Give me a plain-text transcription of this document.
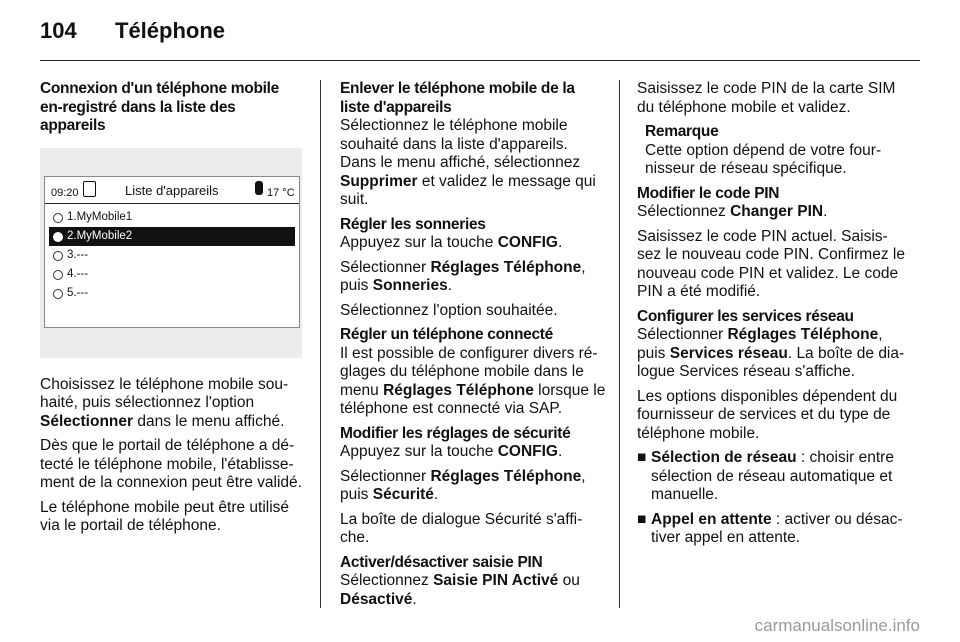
104 Téléphone
Connexion d'un téléphone mobile en-registré dans la liste des appareils
09:20	Liste d'appareils	17 °C
1.MyMobile1
2.MyMobile2
3.---
4.---
5.---

Choisissez le téléphone mobile sou-haité, puis sélectionnez l'option Sélectionner dans le menu affiché.

Dès que le portail de téléphone a dé-tecté le téléphone mobile, l'établisse-ment de la connexion peut être validé.

Le téléphone mobile peut être utilisé via le portail de téléphone.

Enlever le téléphone mobile de la liste d'appareils

Sélectionnez le téléphone mobile souhaité dans la liste d'appareils. Dans le menu affiché, sélectionnez Supprimer et validez le message qui suit.

Régler les sonneries

Appuyez sur la touche CONFIG.

Sélectionner Réglages Téléphone, puis Sonneries.

Sélectionnez l'option souhaitée.

Régler un téléphone connecté

Il est possible de configurer divers ré-glages du téléphone mobile dans le menu Réglages Téléphone lorsque le téléphone est connecté via SAP.

Modifier les réglages de sécurité

Appuyez sur la touche CONFIG.

Sélectionner Réglages Téléphone, puis Sécurité.

La boîte de dialogue Sécurité s'affi-che.

Activer/désactiver saisie PIN

Sélectionnez Saisie PIN Activé ou Désactivé.

Saisissez le code PIN de la carte SIM du téléphone mobile et validez.

Remarque
Cette option dépend de votre four-nisseur de réseau spécifique.
Modifier le code PIN

Sélectionnez Changer PIN.

Saisissez le code PIN actuel. Saisis-sez le nouveau code PIN. Confirmez le nouveau code PIN et validez. Le code PIN a été modifié.

Configurer les services réseau

Sélectionner Réglages Téléphone, puis Services réseau. La boîte de dia-logue Services réseau s'affiche.

Les options disponibles dépendent du fournisseur de services et du type de téléphone mobile.

■ Sélection de réseau : choisir entre sélection de réseau automatique et manuelle.
■ Appel en attente : activer ou désac-tiver appel en attente.
carmanualsonline.info
